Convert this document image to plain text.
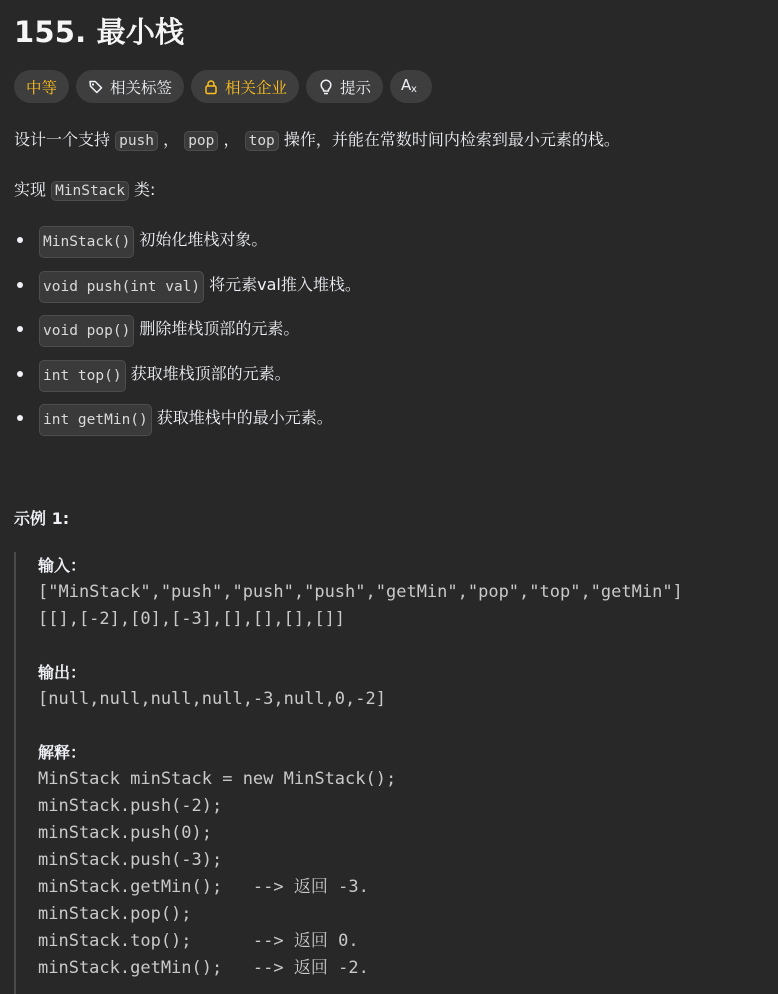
155. 最小栈
中等	相关标签	相关企业	提示 A x
设计一个支持 push ， pop ， top 操作，并能在常数时间内检索到最小元素的栈。
实现 MinStack 类:
MinStack() 初始化堆栈对象。
void push(int val) 将元素val推入堆栈。
void pop() 删除堆栈顶部的元素。
int top() 获取堆栈顶部的元素。
int getMin() 获取堆栈中的最小元素。
示例 1:
输入：
["MinStack","push","push","push","getMin","pop","top","getMin"]
[[],[-2],[0],[-3],[],[],[],[]]
输出：
[null,null,null,null,-3,null,0,-2]
解释：
MinStack minStack = new MinStack();
minStack.push(-2);
minStack.push(0);
minStack.push(-3);
minStack.getMin();   --> 返回 -3.
minStack.pop();
minStack.top();      --> 返回 0.
minStack.getMin();   --> 返回 -2.
